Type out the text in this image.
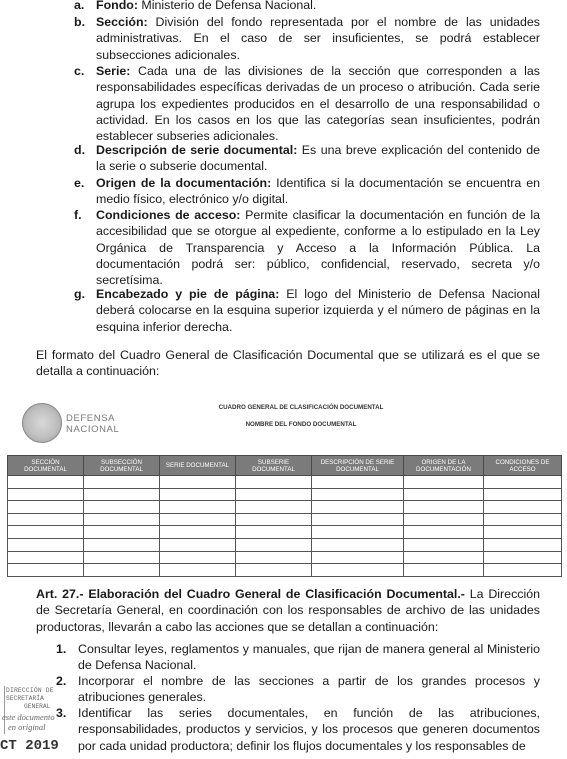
a. Fondo: Ministerio de Defensa Nacional.
b. Sección: División del fondo representada por el nombre de las unidades administrativas. En el caso de ser insuficientes, se podrá establecer subsecciones adicionales.
c. Serie: Cada una de las divisiones de la sección que corresponden a las responsabilidades específicas derivadas de un proceso o atribución. Cada serie agrupa los expedientes producidos en el desarrollo de una responsabilidad o actividad. En los casos en los que las categorías sean insuficientes, podrán establecer subseries adicionales.
d. Descripción de serie documental: Es una breve explicación del contenido de la serie o subserie documental.
e. Origen de la documentación: Identifica si la documentación se encuentra en medio físico, electrónico y/o digital.
f. Condiciones de acceso: Permite clasificar la documentación en función de la accesibilidad que se otorgue al expediente, conforme a lo estipulado en la Ley Orgánica de Transparencia y Acceso a la Información Pública. La documentación podrá ser: público, confidencial, reservado, secreta y/o secretísima.
g. Encabezado y pie de página: El logo del Ministerio de Defensa Nacional deberá colocarse en la esquina superior izquierda y el número de páginas en la esquina inferior derecha.
El formato del Cuadro General de Clasificación Documental que se utilizará es el que se detalla a continuación:
DEFENSA
NACIONAL
CUADRO GENERAL DE CLASIFICACIÓN DOCUMENTAL
NOMBRE DEL FONDO DOCUMENTAL
SECCIÓN DOCUMENTAL	SUBSECCIÓN DOCUMENTAL	SERIE DOCUMENTAL	SUBSERIE DOCUMENTAL	DESCRIPCIÓN DE SERIE DOCUMENTAL	ORIGEN DE LA DOCUMENTACIÓN	CONDICIONES DE ACCESO

Art. 27.- Elaboración del Cuadro General de Clasificación Documental.- La Dirección de Secretaría General, en coordinación con los responsables de archivo de las unidades productoras, llevarán a cabo las acciones que se detallan a continuación:
1. Consultar leyes, reglamentos y manuales, que rijan de manera general al Ministerio de Defensa Nacional.
2. Incorporar el nombre de las secciones a partir de los grandes procesos y atribuciones generales.
3. Identificar las series documentales, en función de las atribuciones, responsabilidades, productos y servicios, y los procesos que generen documentos por cada unidad productora; definir los flujos documentales y los responsables de
DIRECCIÓN DE
SECRETARÍA
GENERAL
este documento
en original
CT 2019
